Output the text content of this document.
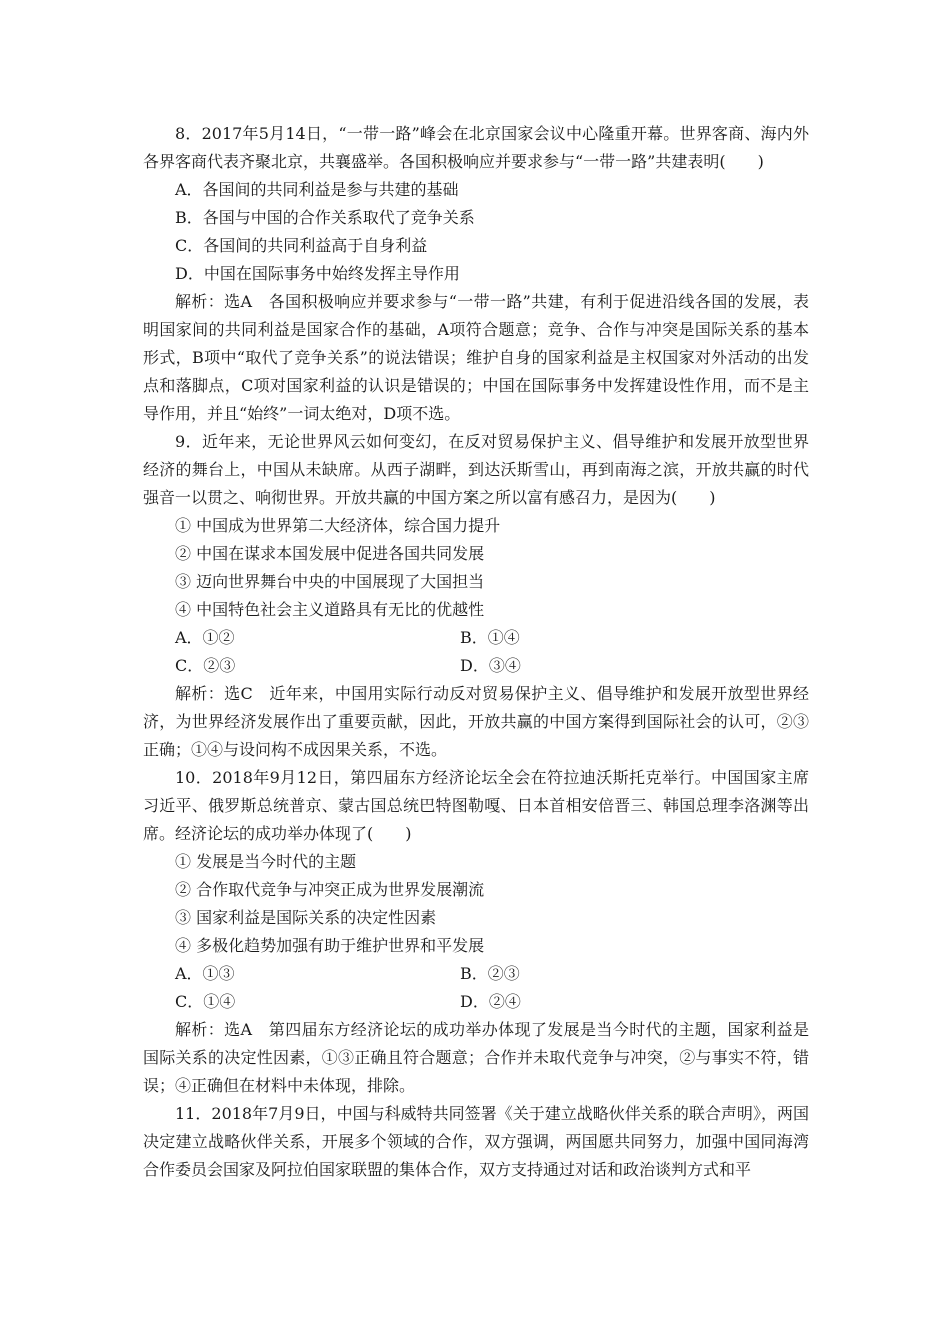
8．2017年5月14日，“一带一路”峰会在北京国家会议中心隆重开幕。世界客商、海内外各界客商代表齐聚北京，共襄盛举。各国积极响应并要求参与“一带一路”共建表明(　　)

A．各国间的共同利益是参与共建的基础

B．各国与中国的合作关系取代了竞争关系

C．各国间的共同利益高于自身利益

D．中国在国际事务中始终发挥主导作用

解析：选A　各国积极响应并要求参与“一带一路”共建，有利于促进沿线各国的发展，表明国家间的共同利益是国家合作的基础，A项符合题意；竞争、合作与冲突是国际关系的基本形式，B项中“取代了竞争关系”的说法错误；维护自身的国家利益是主权国家对外活动的出发点和落脚点，C项对国家利益的认识是错误的；中国在国际事务中发挥建设性作用，而不是主导作用，并且“始终”一词太绝对，D项不选。

9．近年来，无论世界风云如何变幻，在反对贸易保护主义、倡导维护和发展开放型世界经济的舞台上，中国从未缺席。从西子湖畔，到达沃斯雪山，再到南海之滨，开放共赢的时代强音一以贯之、响彻世界。开放共赢的中国方案之所以富有感召力，是因为(　　)

① 中国成为世界第二大经济体，综合国力提升

② 中国在谋求本国发展中促进各国共同发展

③ 迈向世界舞台中央的中国展现了大国担当

④ 中国特色社会主义道路具有无比的优越性

A．①②	B．①④
C．②③	D．③④

解析：选C　近年来，中国用实际行动反对贸易保护主义、倡导维护和发展开放型世界经济，为世界经济发展作出了重要贡献，因此，开放共赢的中国方案得到国际社会的认可，②③正确；①④与设问构不成因果关系，不选。

10．2018年9月12日，第四届东方经济论坛全会在符拉迪沃斯托克举行。中国国家主席习近平、俄罗斯总统普京、蒙古国总统巴特图勒嘎、日本首相安倍晋三、韩国总理李洛渊等出席。经济论坛的成功举办体现了(　　)

① 发展是当今时代的主题

② 合作取代竞争与冲突正成为世界发展潮流

③ 国家利益是国际关系的决定性因素

④ 多极化趋势加强有助于维护世界和平发展

A．①③	B．②③
C．①④	D．②④

解析：选A　第四届东方经济论坛的成功举办体现了发展是当今时代的主题，国家利益是国际关系的决定性因素，①③正确且符合题意；合作并未取代竞争与冲突，②与事实不符，错误；④正确但在材料中未体现，排除。

11．2018年7月9日，中国与科威特共同签署《关于建立战略伙伴关系的联合声明》，两国决定建立战略伙伴关系，开展多个领域的合作，双方强调，两国愿共同努力，加强中国同海湾合作委员会国家及阿拉伯国家联盟的集体合作，双方支持通过对话和政治谈判方式和平
